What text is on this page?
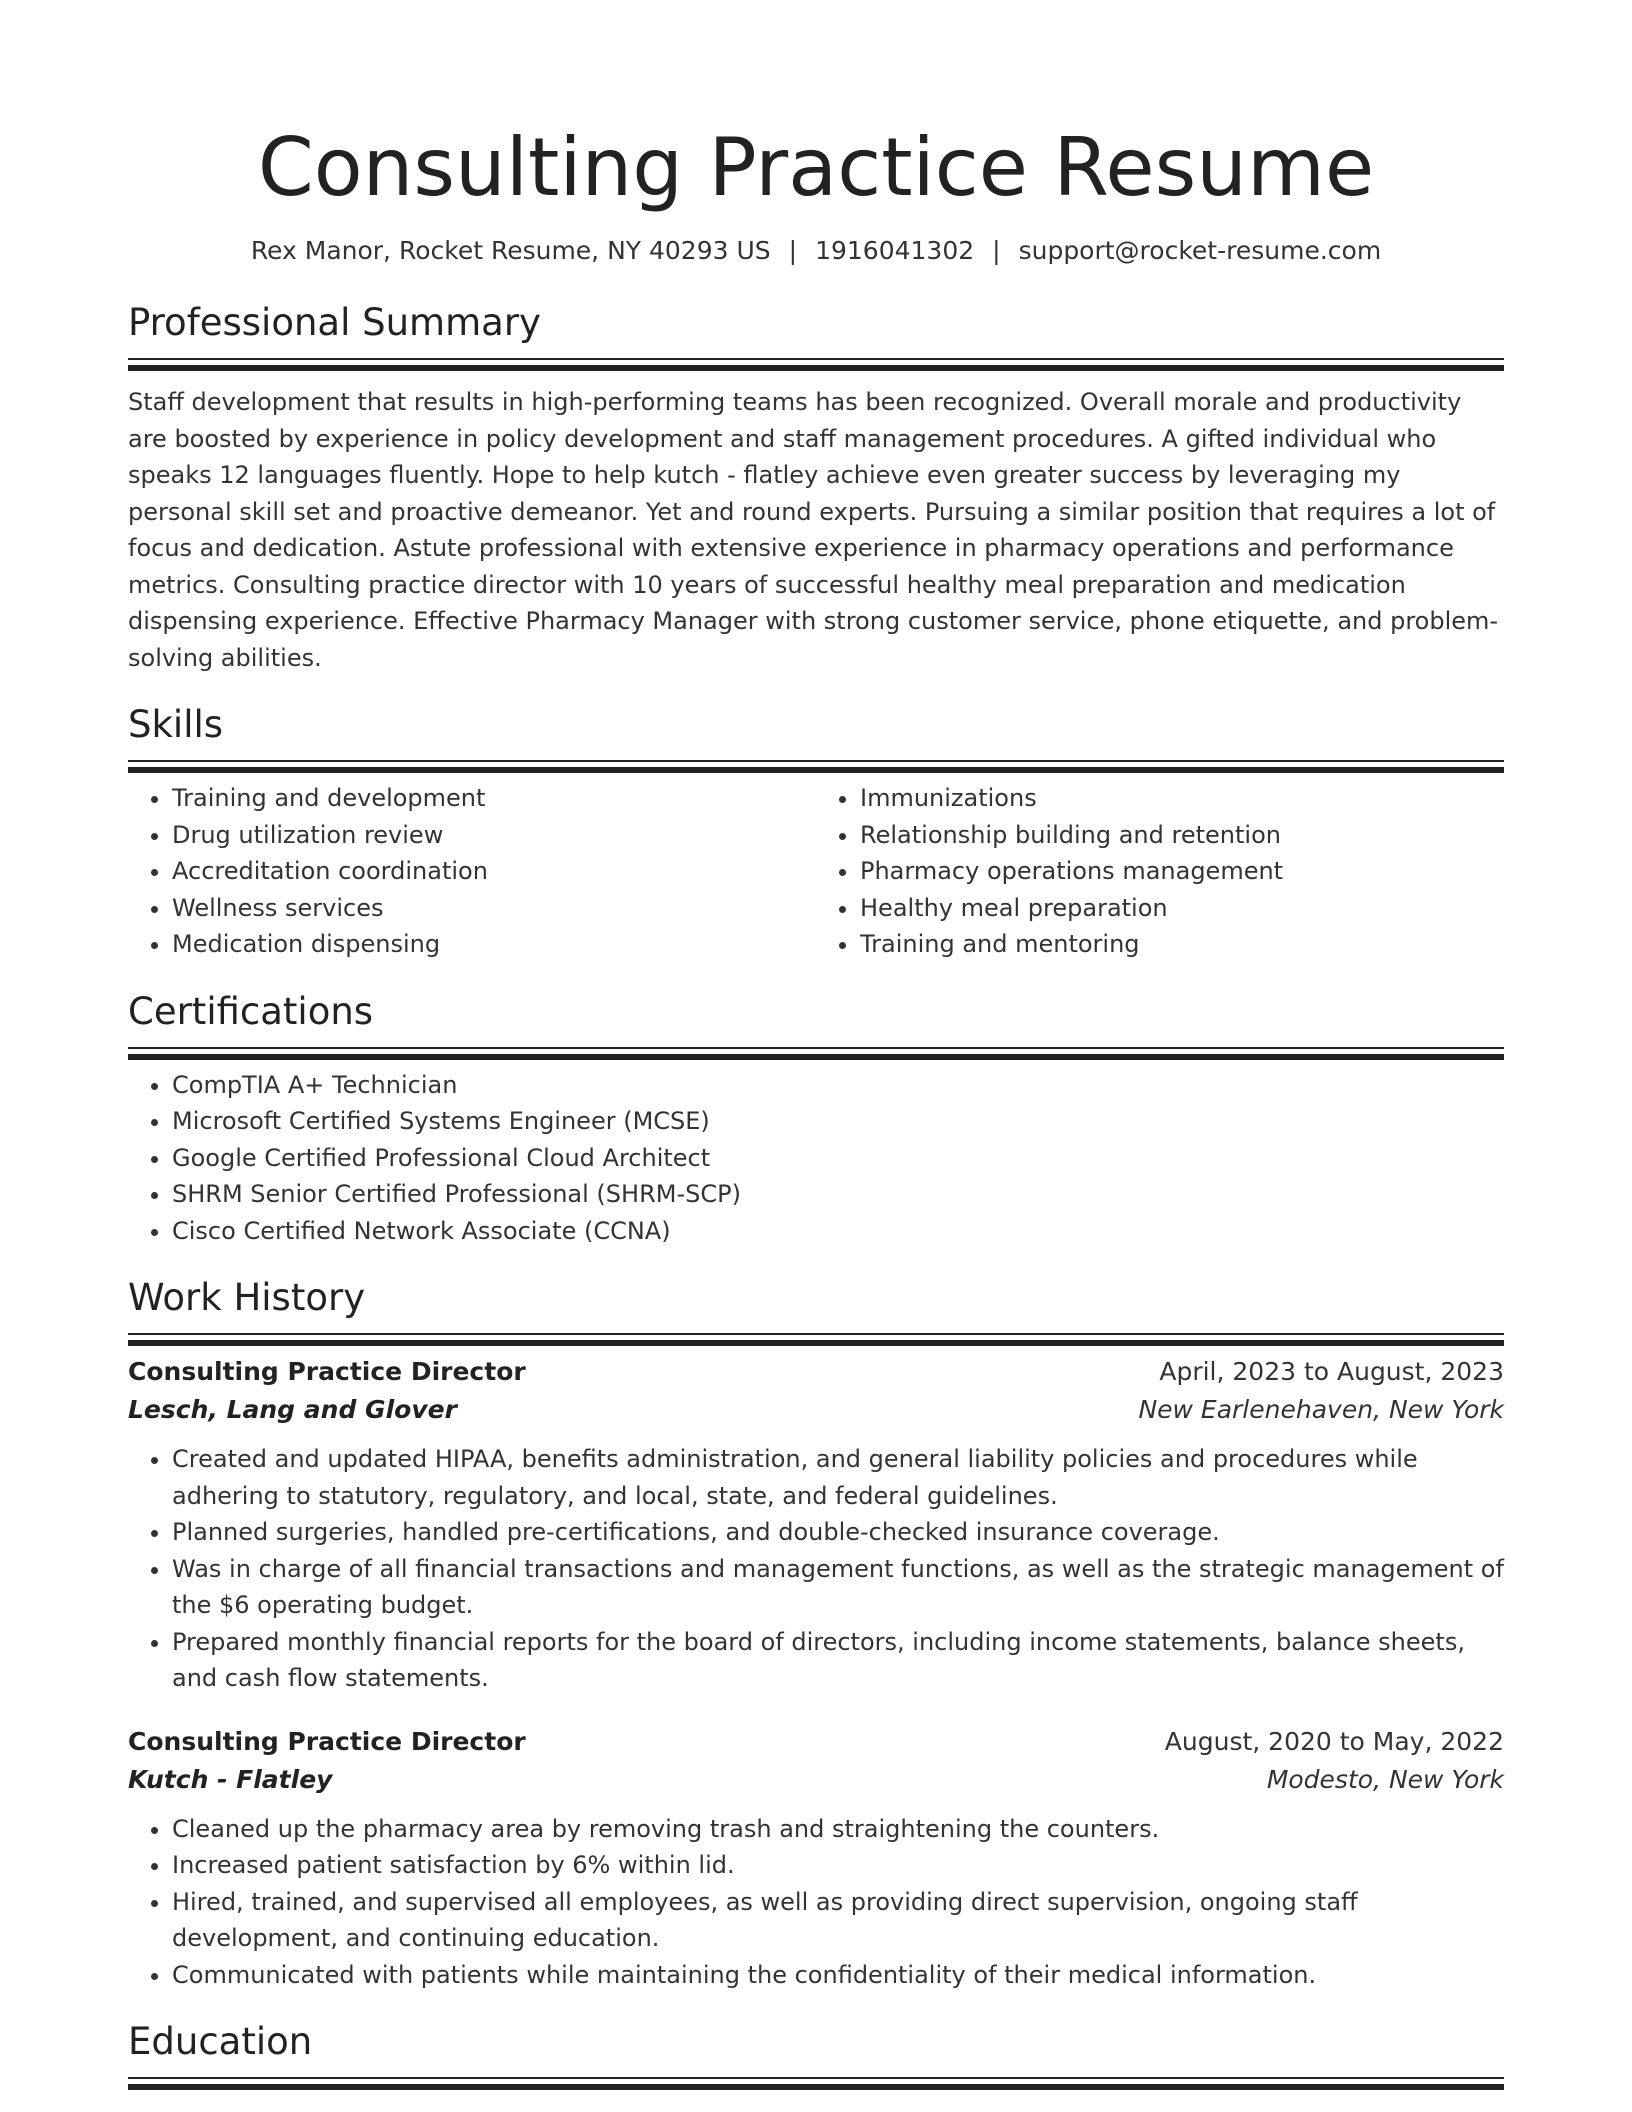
Consulting Practice Resume
Rex Manor, Rocket Resume, NY 40293 US | 1916041302 | support@rocket-resume.com
Professional Summary
Staff development that results in high-performing teams has been recognized. Overall morale and productivity are boosted by experience in policy development and staff management procedures. A gifted individual who speaks 12 languages fluently. Hope to help kutch - flatley achieve even greater success by leveraging my personal skill set and proactive demeanor. Yet and round experts. Pursuing a similar position that requires a lot of focus and dedication. Astute professional with extensive experience in pharmacy operations and performance metrics. Consulting practice director with 10 years of successful healthy meal preparation and medication dispensing experience. Effective Pharmacy Manager with strong customer service, phone etiquette, and problem-solving abilities.
Skills
• Training and development
• Drug utilization review
• Accreditation coordination
• Wellness services
• Medication dispensing
• Immunizations
• Relationship building and retention
• Pharmacy operations management
• Healthy meal preparation
• Training and mentoring
Certifications
• CompTIA A+ Technician
• Microsoft Certified Systems Engineer (MCSE)
• Google Certified Professional Cloud Architect
• SHRM Senior Certified Professional (SHRM-SCP)
• Cisco Certified Network Associate (CCNA)
Work History
Consulting Practice Director	April, 2023 to August, 2023
Lesch, Lang and Glover	New Earlenehaven, New York
• Created and updated HIPAA, benefits administration, and general liability policies and procedures while adhering to statutory, regulatory, and local, state, and federal guidelines.
• Planned surgeries, handled pre-certifications, and double-checked insurance coverage.
• Was in charge of all financial transactions and management functions, as well as the strategic management of the $6 operating budget.
• Prepared monthly financial reports for the board of directors, including income statements, balance sheets, and cash flow statements.
Consulting Practice Director	August, 2020 to May, 2022
Kutch - Flatley	Modesto, New York
• Cleaned up the pharmacy area by removing trash and straightening the counters.
• Increased patient satisfaction by 6% within lid.
• Hired, trained, and supervised all employees, as well as providing direct supervision, ongoing staff development, and continuing education.
• Communicated with patients while maintaining the confidentiality of their medical information.
Education
